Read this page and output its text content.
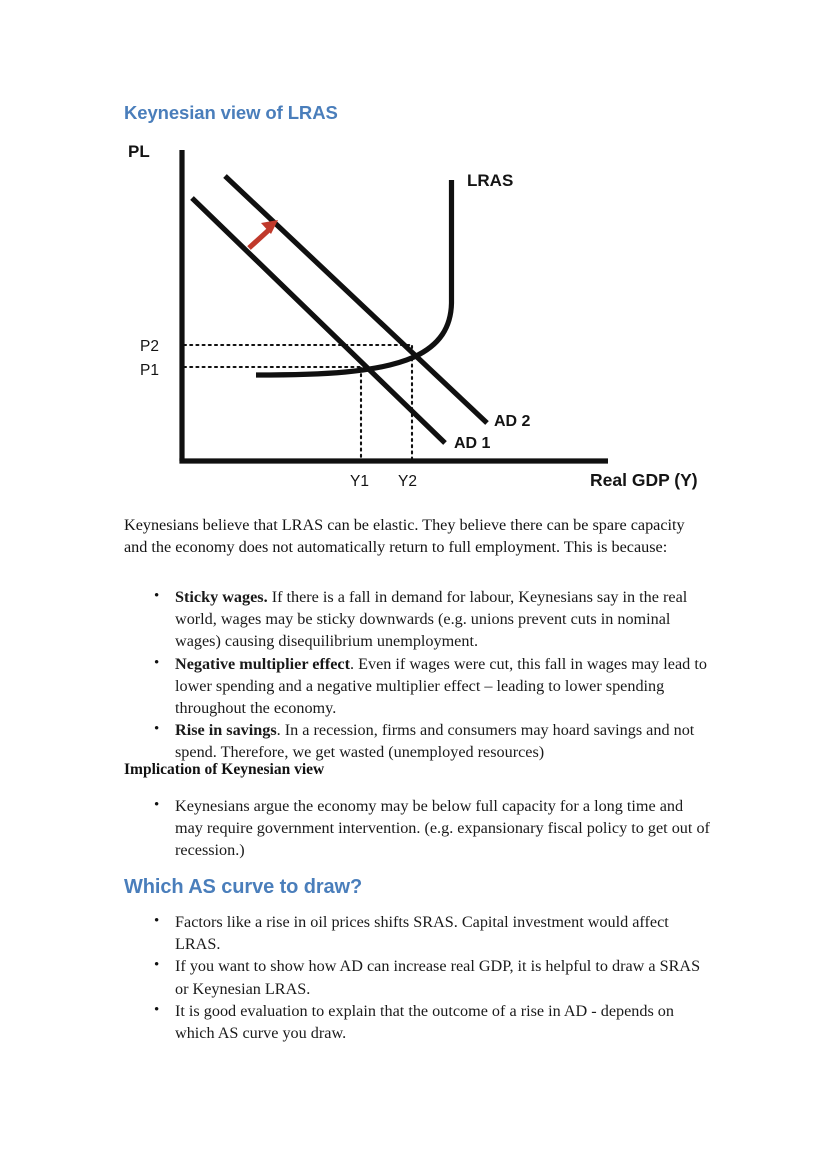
Keynesian view of LRAS
PL
Real GDP (Y)
P2
P1
Y1 Y2
LRAS
AD 2
AD 1
Keynesians believe that LRAS can be elastic. They believe there can be spare capacity and the economy does not automatically return to full employment. This is because:
• Sticky wages. If there is a fall in demand for labour, Keynesians say in the real world, wages may be sticky downwards (e.g. unions prevent cuts in nominal wages) causing disequilibrium unemployment.
• Negative multiplier effect. Even if wages were cut, this fall in wages may lead to lower spending and a negative multiplier effect – leading to lower spending throughout the economy.
• Rise in savings. In a recession, firms and consumers may hoard savings and not spend. Therefore, we get wasted (unemployed resources)
Implication of Keynesian view
• Keynesians argue the economy may be below full capacity for a long time and may require government intervention. (e.g. expansionary fiscal policy to get out of recession.)
Which AS curve to draw?
• Factors like a rise in oil prices shifts SRAS. Capital investment would affect LRAS.
• If you want to show how AD can increase real GDP, it is helpful to draw a SRAS or Keynesian LRAS.
• It is good evaluation to explain that the outcome of a rise in AD - depends on which AS curve you draw.
